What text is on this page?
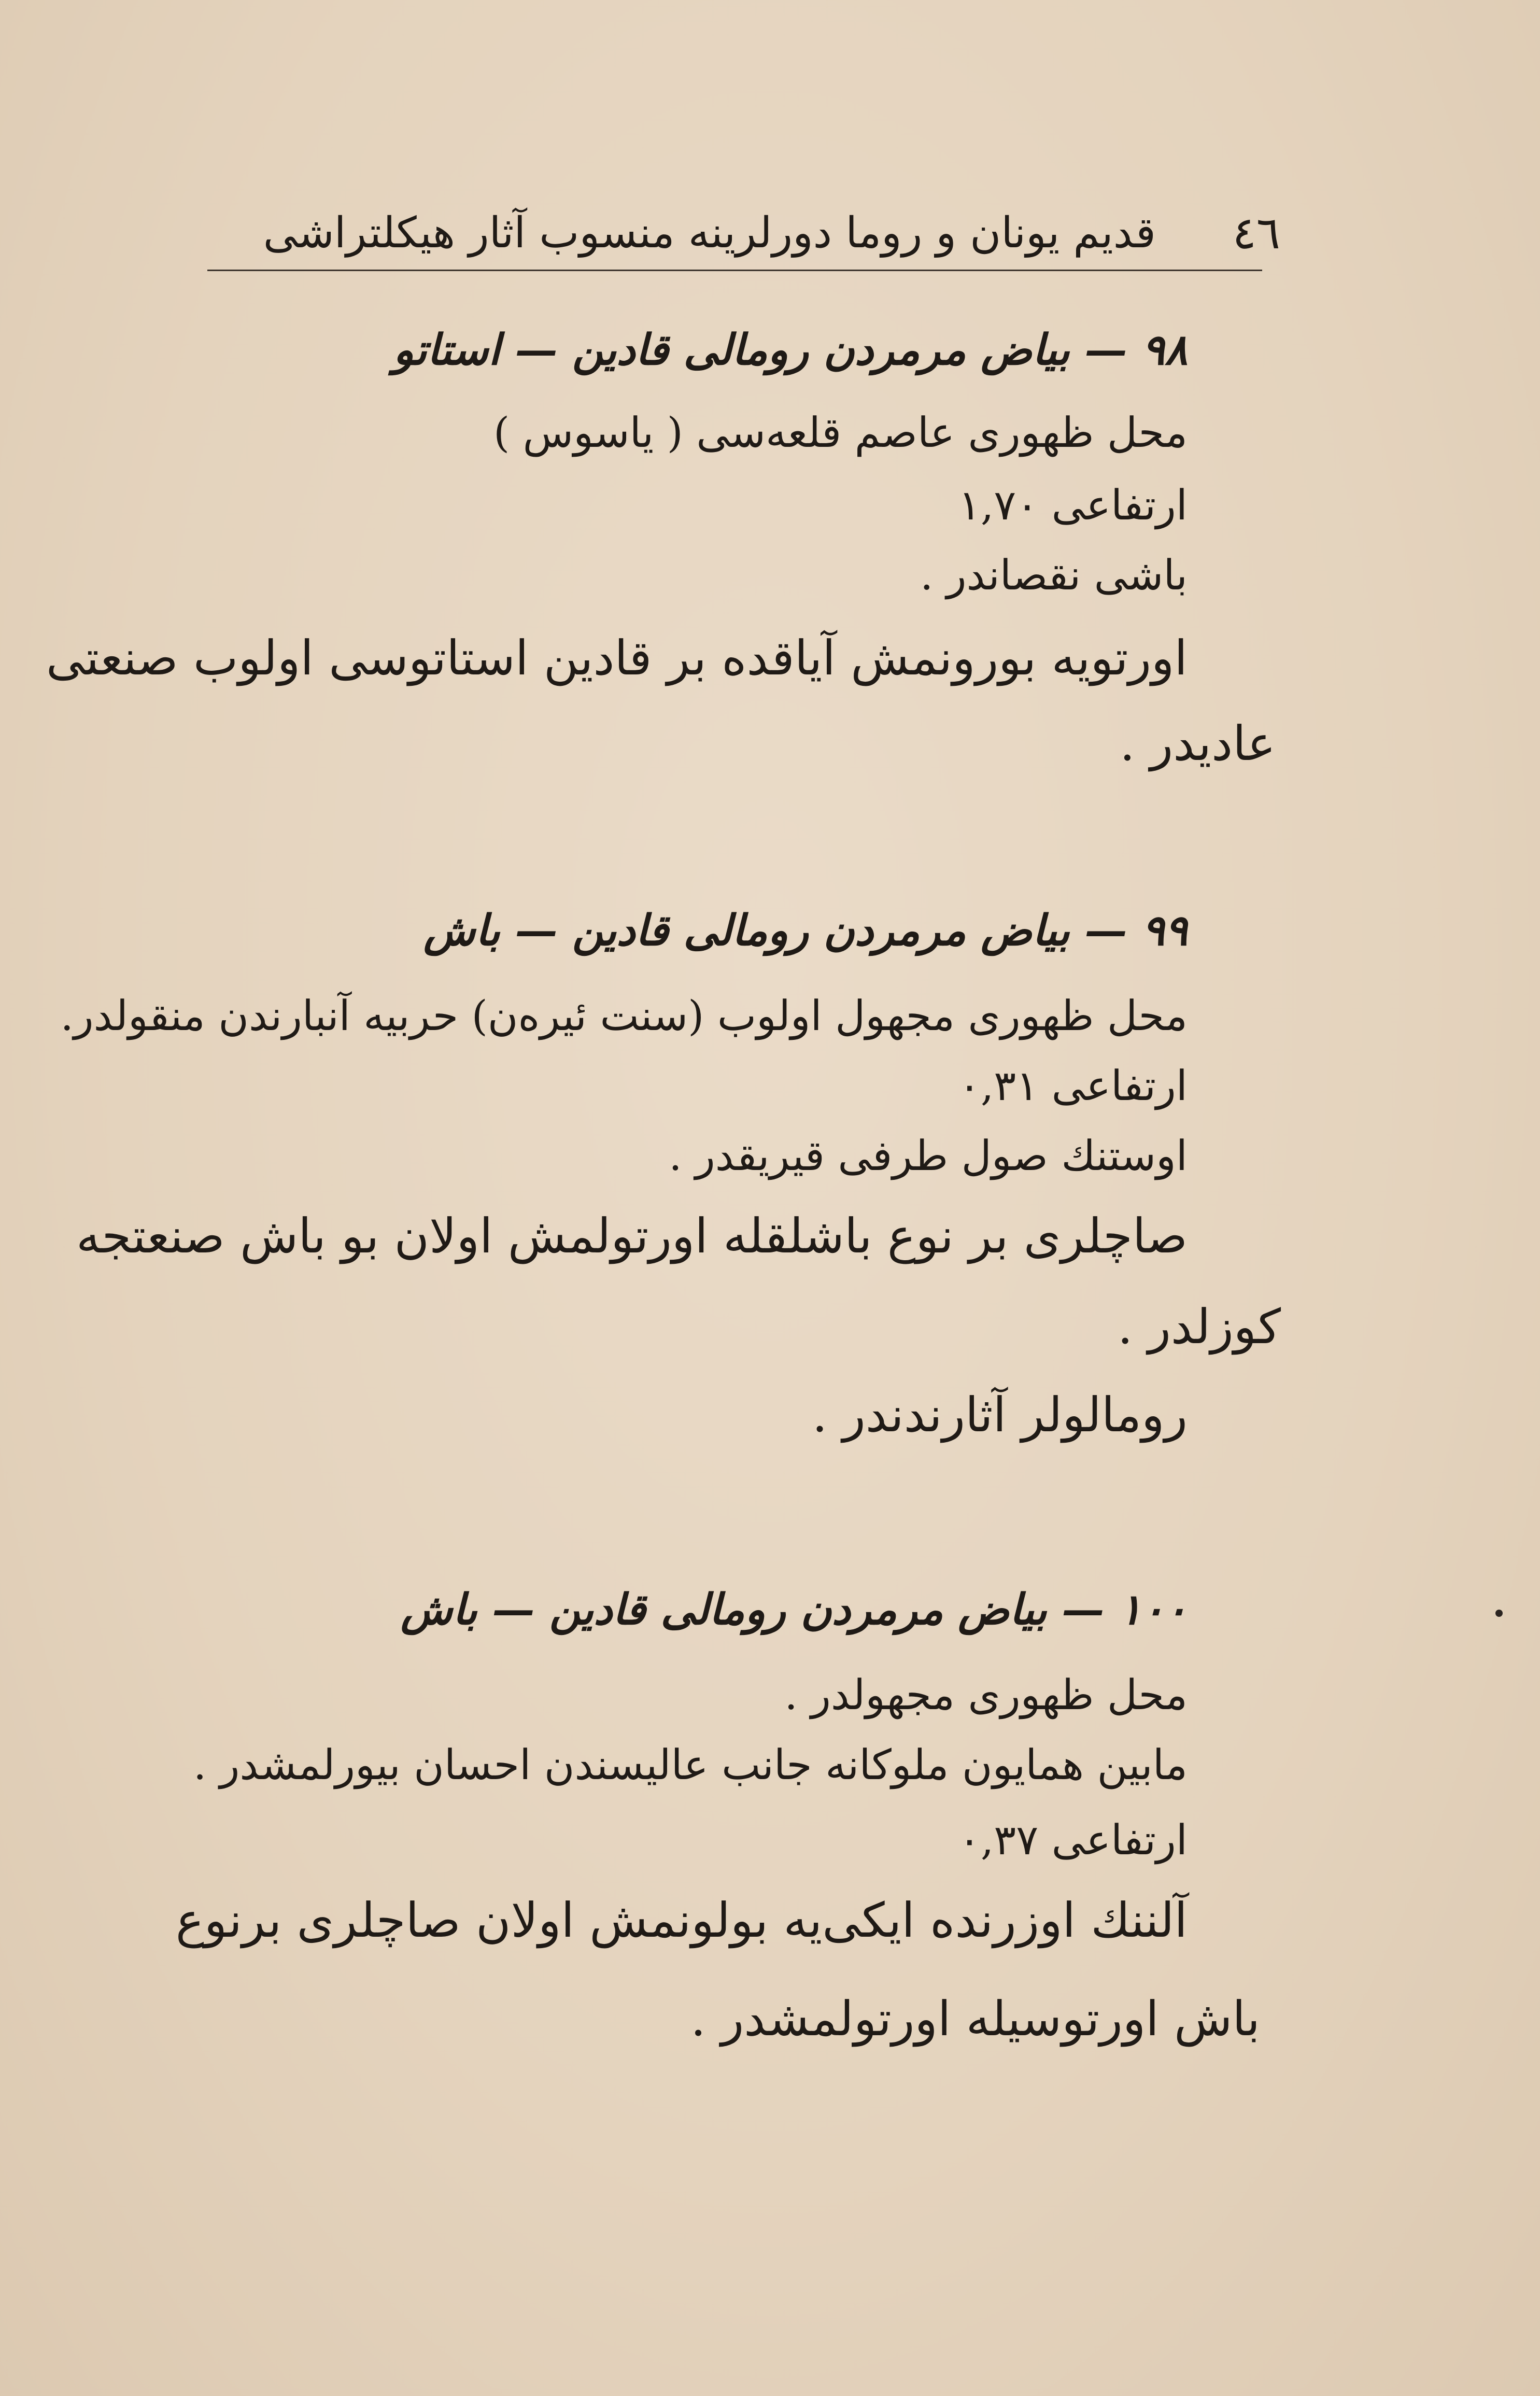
٤٦
قديم يونان و روما دورلرينه منسوب آثار هيكلتراشى
٩٨ — بياض مرمردن رومالى قادين — استاتو
محل ظهورى عاصم قلعه‌سى ( ياسوس )
ارتفاعى ١,٧٠
باشى نقصاندر .
اورتويه بورونمش آياقده بر قادين استاتوسى اولوب صنعتى
عاديدر .
٩٩ — بياض مرمردن رومالى قادين — باش
محل ظهورى مجهول اولوب (سنت ئيره‌ن) حربيه آنبارندن منقولدر.
ارتفاعى ٠,٣١
اوستنك صول طرفى قيريقدر .
صاچلرى بر نوع باشلقله اورتولمش اولان بو باش صنعتجه
كوزلدر .
رومالولر آثارندندر .
١٠٠ — بياض مرمردن رومالى قادين — باش
محل ظهورى مجهولدر .
مابين همايون ملوكانه جانب عاليسندن احسان بيورلمشدر .
ارتفاعى ٠,٣٧
آلننك اوزرنده ايكى‌يه بولونمش اولان صاچلرى برنوع
باش اورتوسيله اورتولمشدر .
